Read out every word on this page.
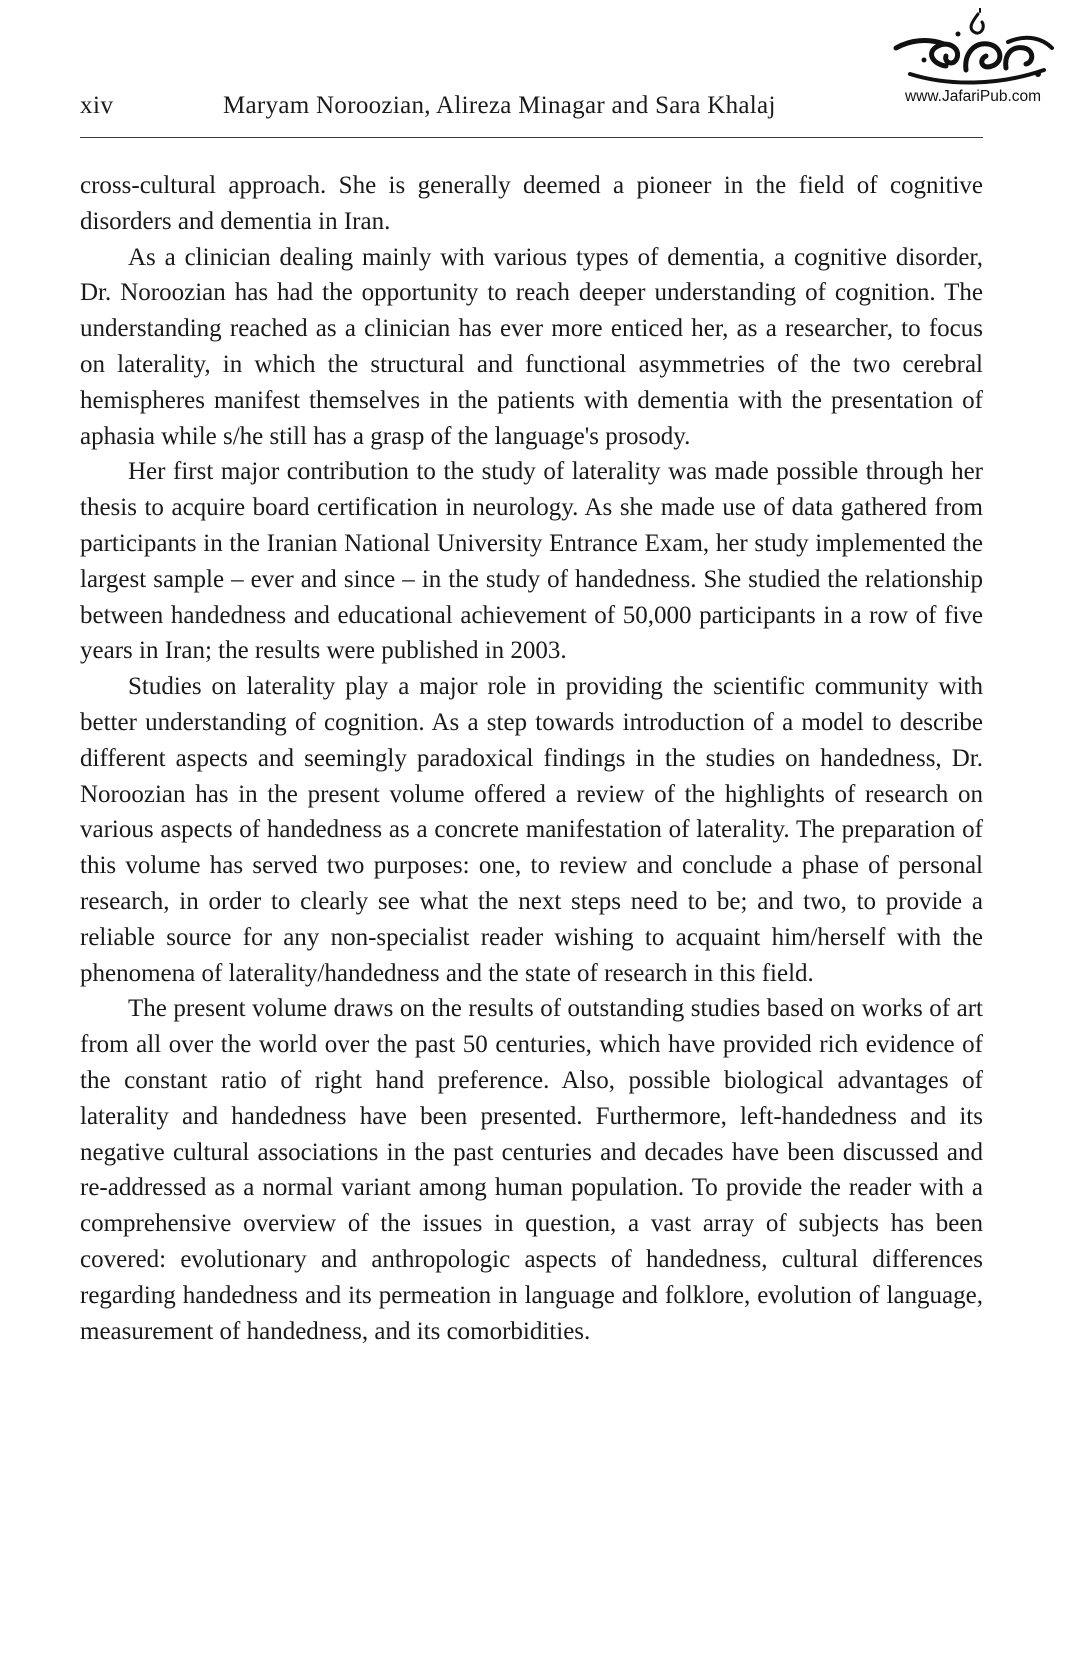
xiv	Maryam Noroozian, Alireza Minagar and Sara Khalaj	www.JafariPub.com

cross-cultural approach. She is generally deemed a pioneer in the field of cognitive disorders and dementia in Iran.

As a clinician dealing mainly with various types of dementia, a cognitive disorder, Dr. Noroozian has had the opportunity to reach deeper understanding of cognition. The understanding reached as a clinician has ever more enticed her, as a researcher, to focus on laterality, in which the structural and functional asymmetries of the two cerebral hemispheres manifest themselves in the patients with dementia with the presentation of aphasia while s/he still has a grasp of the language's prosody.

Her first major contribution to the study of laterality was made possible through her thesis to acquire board certification in neurology. As she made use of data gathered from participants in the Iranian National University Entrance Exam, her study implemented the largest sample – ever and since – in the study of handedness. She studied the relationship between handedness and educational achievement of 50,000 participants in a row of five years in Iran; the results were published in 2003.

Studies on laterality play a major role in providing the scientific community with better understanding of cognition. As a step towards introduction of a model to describe different aspects and seemingly paradoxical findings in the studies on handedness, Dr. Noroozian has in the present volume offered a review of the highlights of research on various aspects of handedness as a concrete manifestation of laterality. The preparation of this volume has served two purposes: one, to review and conclude a phase of personal research, in order to clearly see what the next steps need to be; and two, to provide a reliable source for any non-specialist reader wishing to acquaint him/herself with the phenomena of laterality/handedness and the state of research in this field.

The present volume draws on the results of outstanding studies based on works of art from all over the world over the past 50 centuries, which have provided rich evidence of the constant ratio of right hand preference. Also, possible biological advantages of laterality and handedness have been presented. Furthermore, left-handedness and its negative cultural associations in the past centuries and decades have been discussed and re-addressed as a normal variant among human population. To provide the reader with a comprehensive overview of the issues in question, a vast array of subjects has been covered: evolutionary and anthropologic aspects of handedness, cultural differences regarding handedness and its permeation in language and folklore, evolution of language, measurement of handedness, and its comorbidities.
